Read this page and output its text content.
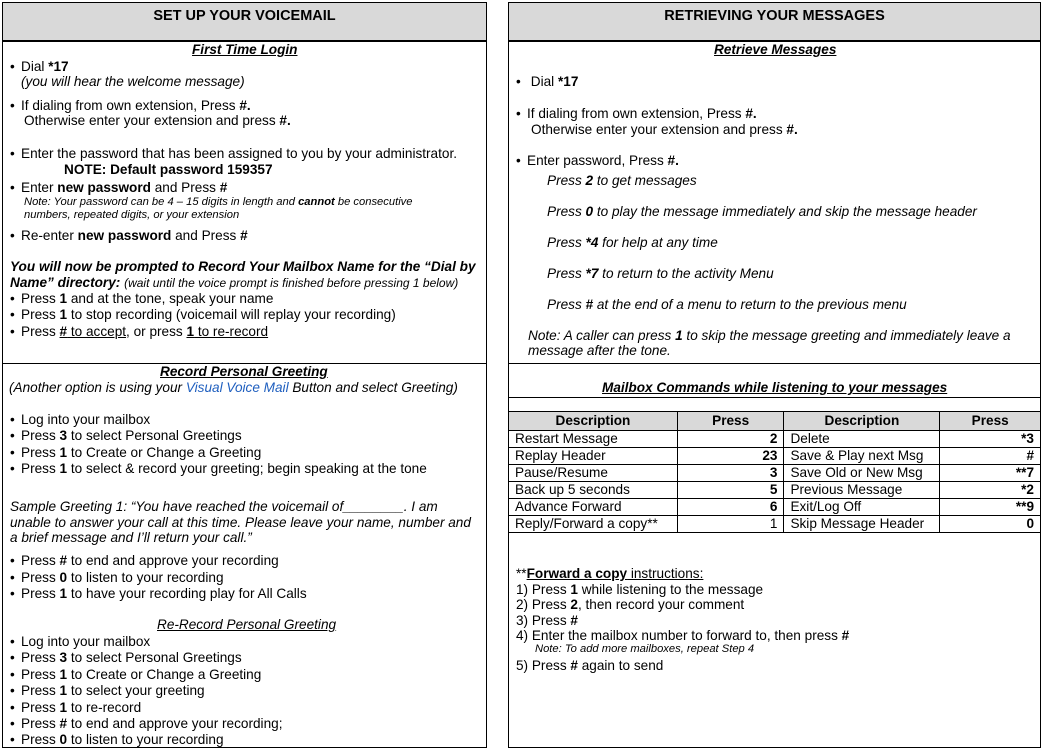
SET UP YOUR VOICEMAIL
First Time Login
• Dial *17
(you will hear the welcome message)
• If dialing from own extension, Press #.
Otherwise enter your extension and press #.
• Enter the password that has been assigned to you by your administrator.
NOTE: Default password 159357
• Enter new password and Press #
Note: Your password can be 4 – 15 digits in length and cannot be consecutive
numbers, repeated digits, or your extension
• Re-enter new password and Press #
You will now be prompted to Record Your Mailbox Name for the “Dial by
Name” directory: (wait until the voice prompt is finished before pressing 1 below)
• Press 1 and at the tone, speak your name
• Press 1 to stop recording (voicemail will replay your recording)
• Press # to accept, or press 1 to re-record
Record Personal Greeting
(Another option is using your Visual Voice Mail Button and select Greeting)
• Log into your mailbox
• Press 3 to select Personal Greetings
• Press 1 to Create or Change a Greeting
• Press 1 to select & record your greeting; begin speaking at the tone
Sample Greeting 1: “You have reached the voicemail of________. I am
unable to answer your call at this time. Please leave your name, number and
a brief message and I’ll return your call.”
• Press # to end and approve your recording
• Press 0 to listen to your recording
• Press 1 to have your recording play for All Calls
Re-Record Personal Greeting
• Log into your mailbox
• Press 3 to select Personal Greetings
• Press 1 to Create or Change a Greeting
• Press 1 to select your greeting
• Press 1 to re-record
• Press # to end and approve your recording;
• Press 0 to listen to your recording
RETRIEVING YOUR MESSAGES
Retrieve Messages
• Dial *17
• If dialing from own extension, Press #.
Otherwise enter your extension and press #.
• Enter password, Press #.
Press 2 to get messages
Press 0 to play the message immediately and skip the message header
Press *4 for help at any time
Press *7 to return to the activity Menu
Press # at the end of a menu to return to the previous menu
Note: A caller can press 1 to skip the message greeting and immediately leave a
message after the tone.
Mailbox Commands while listening to your messages
Description	Press	Description	Press
Restart Message	2	Delete	*3
Replay Header	23	Save & Play next Msg	#
Pause/Resume	3	Save Old or New Msg	**7
Back up 5 seconds	5	Previous Message	*2
Advance Forward	6	Exit/Log Off	**9
Reply/Forward a copy**	1	Skip Message Header	0
**Forward a copy instructions:
1) Press 1 while listening to the message
2) Press 2, then record your comment
3) Press #
4) Enter the mailbox number to forward to, then press #
Note: To add more mailboxes, repeat Step 4
5) Press # again to send
